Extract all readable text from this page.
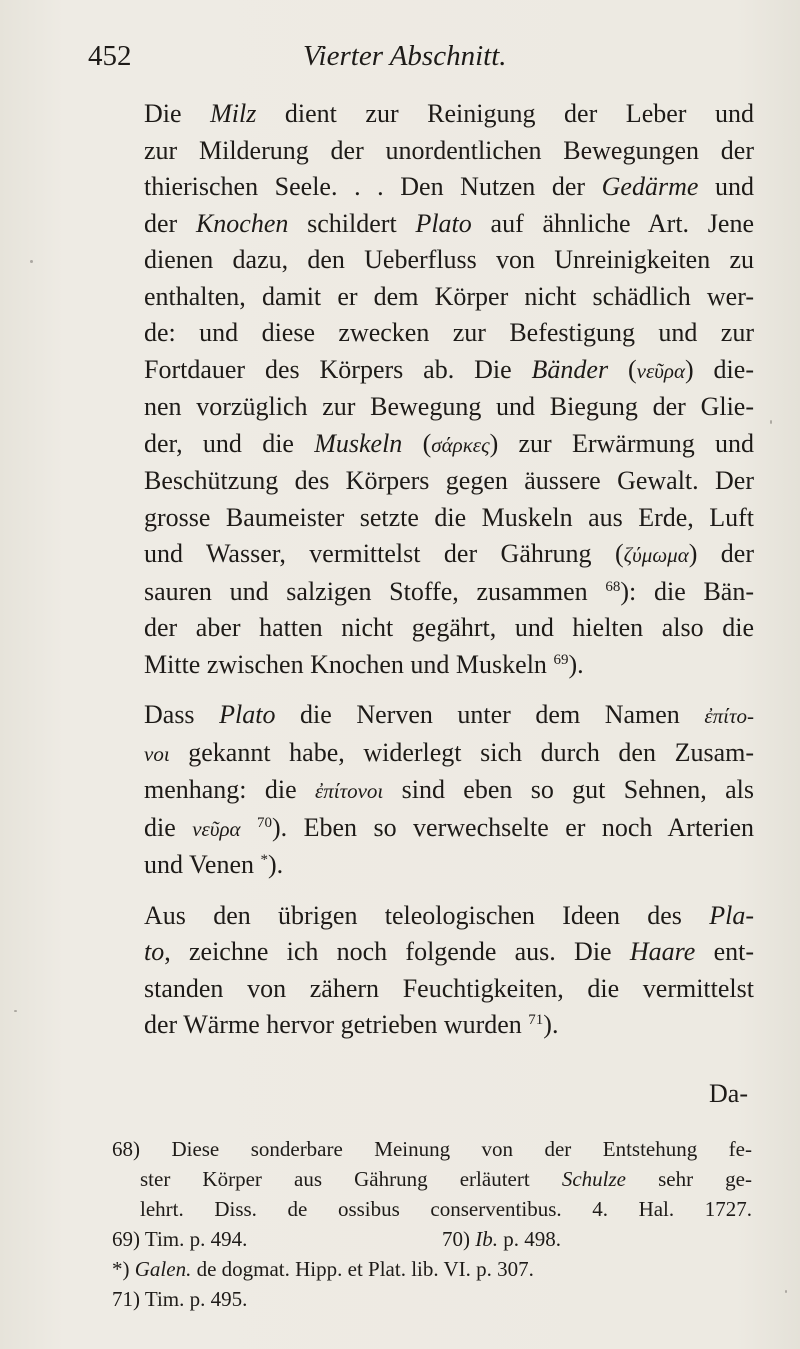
452	Vierter Abschnitt.

Die Milz dient zur Reinigung der Leber und
zur Milderung der unordentlichen Bewegungen der
thierischen Seele. . . Den Nutzen der Gedärme und
der Knochen schildert Plato auf ähnliche Art. Jene
dienen dazu, den Ueberfluss von Unreinigkeiten zu
enthalten, damit er dem Körper nicht schädlich wer-
de: und diese zwecken zur Befestigung und zur
Fortdauer des Körpers ab. Die Bänder (νεῦρα) die-
nen vorzüglich zur Bewegung und Biegung der Glie-
der, und die Muskeln (σάρκες) zur Erwärmung und
Beschützung des Körpers gegen äussere Gewalt. Der
grosse Baumeister setzte die Muskeln aus Erde, Luft
und Wasser, vermittelst der Gährung (ζύμωμα) der
sauren und salzigen Stoffe, zusammen $^{68}$): die Bän-
der aber hatten nicht gegährt, und hielten also die
Mitte zwischen Knochen und Muskeln $^{69}$).

Dass Plato die Nerven unter dem Namen ἐπίτο-
νοι gekannt habe, widerlegt sich durch den Zusam-
menhang: die ἐπίτονοι sind eben so gut Sehnen, als
die νεῦρα $^{70}$). Eben so verwechselte er noch Arterien
und Venen *).

Aus den übrigen teleologischen Ideen des Pla-
to, zeichne ich noch folgende aus. Die Haare ent-
standen von zähern Feuchtigkeiten, die vermittelst
der Wärme hervor getrieben wurden $^{71}$).

Da-
68) Diese sonderbare Meinung von der Entstehung fe-
ster Körper aus Gährung erläutert Schulze sehr ge-
lehrt. Diss. de ossibus conserventibus. 4. Hal. 1727.
69) Tim. p. 494.	70) Ib. p. 498.
*) Galen. de dogmat. Hipp. et Plat. lib. VI. p. 307.
71) Tim. p. 495.
